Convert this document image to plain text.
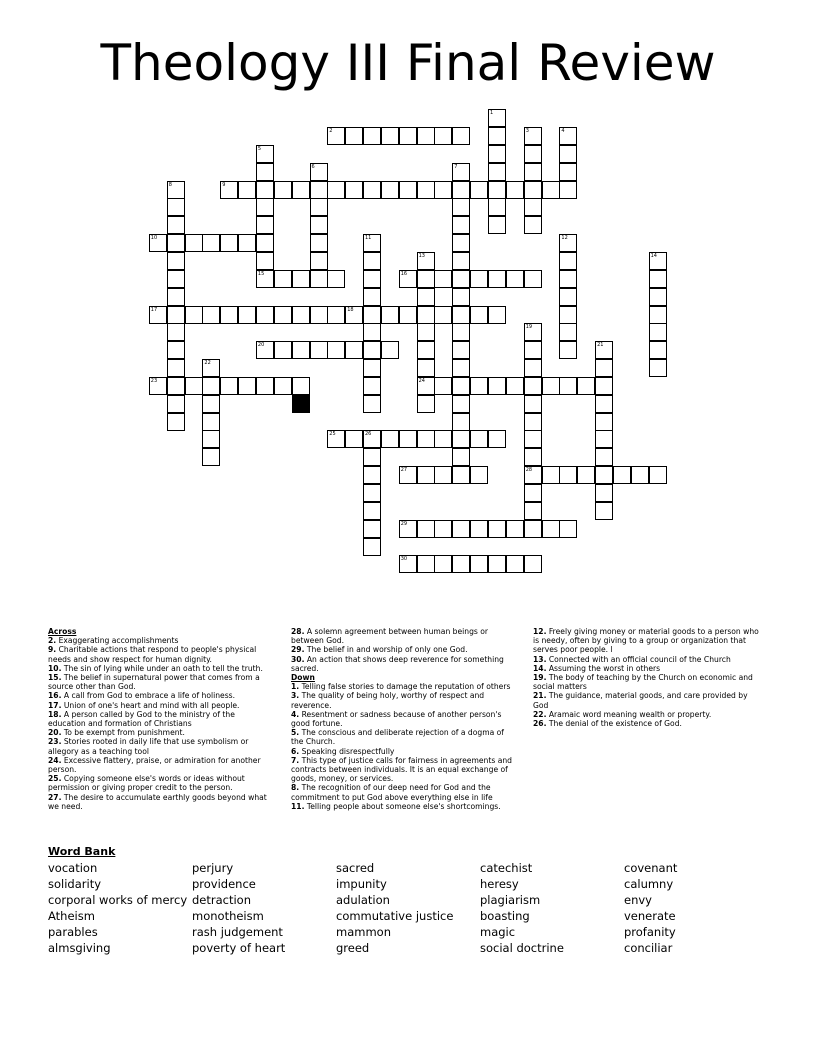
Theology III Final Review
1
2	3	4
5
6	7
8	9
10	11	12
13
24
14
15	16
17	18
19
28
20	21
22
23
25	26
27
29
30
Across
2. Exaggerating accomplishments
9. Charitable actions that respond to people's physical needs and show respect for human dignity.
10. The sin of lying while under an oath to tell the truth.
15. The belief in supernatural power that comes from a source other than God.
16. A call from God to embrace a life of holiness.
17. Union of one's heart and mind with all people.
18. A person called by God to the ministry of the education and formation of Christians
20. To be exempt from punishment.
23. Stories rooted in daily life that use symbolism or allegory as a teaching tool
24. Excessive flattery, praise, or admiration for another person.
25. Copying someone else's words or ideas without permission or giving proper credit to the person.
27. The desire to accumulate earthly goods beyond what we need.
28. A solemn agreement between human beings or between God.
29. The belief in and worship of only one God.
30. An action that shows deep reverence for something sacred.
Down
1. Telling false stories to damage the reputation of others
3. The quality of being holy, worthy of respect and reverence.
4. Resentment or sadness because of another person's good fortune.
5. The conscious and deliberate rejection of a dogma of the Church.
6. Speaking disrespectfully
7. This type of justice calls for fairness in agreements and contracts between individuals. It is an equal exchange of goods, money, or services.
8. The recognition of our deep need for God and the commitment to put God above everything else in life
11. Telling people about someone else's shortcomings.
12. Freely giving money or material goods to a person who is needy, often by giving to a group or organization that serves poor people. l
13. Connected with an official council of the Church
14. Assuming the worst in others
19. The body of teaching by the Church on economic and social matters
21. The guidance, material goods, and care provided by God
22. Aramaic word meaning wealth or property.
26. The denial of the existence of God.
Word Bank
vocation
solidarity
corporal works of mercy
Atheism
parables
almsgiving
perjury
providence
detraction
monotheism
rash judgement
poverty of heart
sacred
impunity
adulation
commutative justice
mammon
greed
catechist
heresy
plagiarism
boasting
magic
social doctrine
covenant
calumny
envy
venerate
profanity
conciliar
